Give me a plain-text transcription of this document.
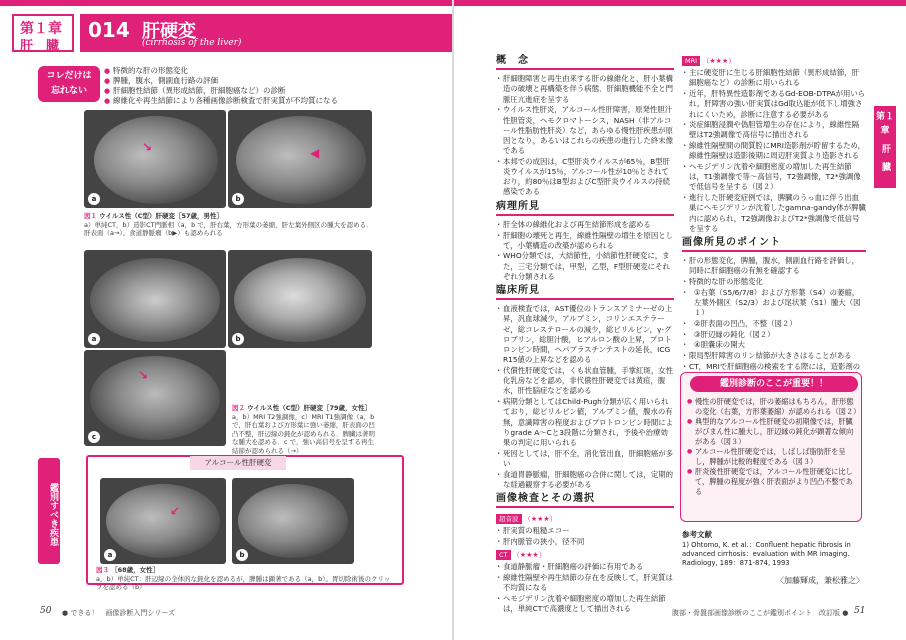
第１章
肝　臓
014 肝硬変
(cirrhosis of the liver)
コレだけは
忘れない
● 特徴的な肝の形態変化
● 脾腫，腹水，側副血行路の評価
● 肝細胞性結節（異形成結節，肝細胞癌など）の診断
● 線維化や再生結節により各種画像診断検査で肝実質が不均質になる
↘
a
◀
b
図１ ウイルス性（C型）肝硬変［57歳，男性］
a）単純CT，b）造影CT門脈相（a，b で，肝右葉，方形葉の萎縮，肝左葉外側区の腫大を認める．肝表面（a→）、食道静脈瘤（b▶）も認められる
a	b
↘
c
図２ ウイルス性（C型）肝硬変［79歳，女性］
a，b）MRI T2強調像，c）MRI T1強調像（a，b で，肝右葉および方形葉に強い萎縮，肝表面の凹凸不整，肝辺縁の鈍化が認められる．脾臓は著明な腫大を認める．c で，強い高信号を呈する再生結節が認められる（→）
鑑別すべき疾患
アルコール性肝硬変
↙
a	b
図３ ［68歳，女性］
a，b）単純CT：肝辺縁の全体的な鈍化を認めるが，脾腫は顕著である（a，b）。胃切除術後のクリップを認める（b）
50 ● できる！　画像診断入門シリーズ
概　念
・ 肝細胞障害と再生由来する肝の線維化と，肝小葉構造の破壊と再構築を伴う病態．肝細胞機能不全と門脈圧亢進症を呈する
・ ウイルス性肝炎，アルコール性肝障害，原発性胆汁性胆管炎，ヘモクロマトーシス，NASH（非アルコール性脂肪性肝炎）など，あらゆる慢性肝疾患が原因となり，あるいはこれらの疾患の進行した終末像である
・ 本邦での成因は，C型肝炎ウイルスが65％，B型肝炎ウイルスが15％，アルコール性が10％とされており，約80％はB型およびC型肝炎ウイルスの持続感染である
病理所見
・ 肝全体の線維化および再生結節形成を認める
・ 肝細胞の壊死と再生，線維性隔壁の増生を原因として，小葉構造の改築が認められる
・ WHO分類では，大結節性，小結節性肝硬変に，また，三宅分類では，甲型，乙型，F型肝硬変にそれぞれ分類される
臨床所見
・ 血液検査では，AST優位のトランスアミナーゼの上昇，汎血球減少，アルブミン，コリンエステラーゼ，総コレステロールの減少，総ビリルビン，γ-グロブリン，総胆汁酸，ヒアルロン酸の上昇，プロトロンビン時間，ヘパプラスチンテストの延長，ICG R15値の上昇などを認める
・ 代償性肝硬変では，くも状血管腫，手掌紅斑，女性化乳房などを認め，非代償性肝硬変では黄疸，腹水，肝性脳症などを認める
・ 病期分類としてはChild-Pugh分類が広く用いられており，総ビリルビン値，アルブミン値，腹水の有無，意識障害の程度およびプロトロンビン時間によりgrade A〜Cと3段階に分類され，予後や治療効果の判定に用いられる
・ 死因としては，肝不全，消化管出血，肝細胞癌が多い
・ 食道胃静脈瘤，肝細胞癌の合併に関しては，定期的な経過観察する必要がある
画像検査とその選択
超音波 （★★★）
・ 肝実質の粗糙エコー
・ 肝内脈管の狭小，径不同
CT （★★★）
・ 食道静脈瘤・肝細胞癌の評価に有用である
・ 線維性隔壁や再生結節の存在を反映して，肝実質は不均質になる
・ ヘモジデリン沈着や細胞密度の増加した再生結節は，単純CTで高濃度として描出される
MRI （★★★）
・ 主に硬変肝に生じる肝細胞性結節（異形成結節，肝細胞癌など）の診断に用いられる
・ 近年，肝特異性造影剤であるGd-EOB-DTPAが用いられ，肝障害の強い肝実質はGd取込能が低下し増強されにくいため，診断に注意する必要がある
・ 炎症細胞浸潤や偽胆管増生の存在により，線維性隔壁はT2強調像で高信号に描出される
・ 線維性隔壁間の間質腔にMRI造影剤が貯留するため，線維性隔壁は造影後期に周辺肝実質より造影される
・ ヘモジデリン沈着や細胞密度の増加した再生結節は，T1強調像で等〜高信号，T2強調像，T2*強調像で低信号を呈する（図２）
・ 進行した肝硬変症例では，脾臓のうっ血に伴う出血巣にヘモジデリンが沈着したgamna-gandy体が脾臓内に認められ，T2強調像およびT2*強調像で低信号を呈する
画像所見のポイント
・ 肝の形態変化，脾腫，腹水，側副血行路を評価し，同時に肝細胞癌の有無を確認する
・ 特徴的な肝の形態変化
・ ①右葉（S5/6/7/8）および方形葉（S4）の萎縮，左葉外側区（S2/3）および尾状葉（S1）腫大（図１）
・ ②肝表面の凹凸，不整（図２）
・ ③肝辺縁の鈍化（図２）
・ ④胆嚢床の開大
・ 限局型肝障害のリン結節が大きさはることがある
・ CT，MRIで肝細胞癌の検索をする際には，造影剤の
● 慢性の肝硬変では，肝の萎縮はもちろん，肝形態の変化（右葉，方形葉萎縮）が認められる（図２）
● 典型的なアルコール性肝硬変の初期像では，肝臓がびまん性に腫大し，肝辺縁の鈍化が顕著な傾向がある（図３）
● アルコール性肝硬変では，しばしば脂肪肝を呈し，脾腫が比較的軽度である（図３）
● 肝炎後性肝硬変では，アルコール性肝硬変に比して，脾腫の程度が強く肝表面がより凹凸不整である
鑑別診断のここが重要！！
参考文献
1) Ohtomo, K. et al.：Confluent hepatic fibrosis in advanced cirrhosis：evaluation with MR imaging. Radiology, 189：871-874, 1993
〈加藤輝成，兼松雅之〉
第１章
肝　臓
腹部・骨盤部画像診断のここが鑑別ポイント　改訂版 ● 51
